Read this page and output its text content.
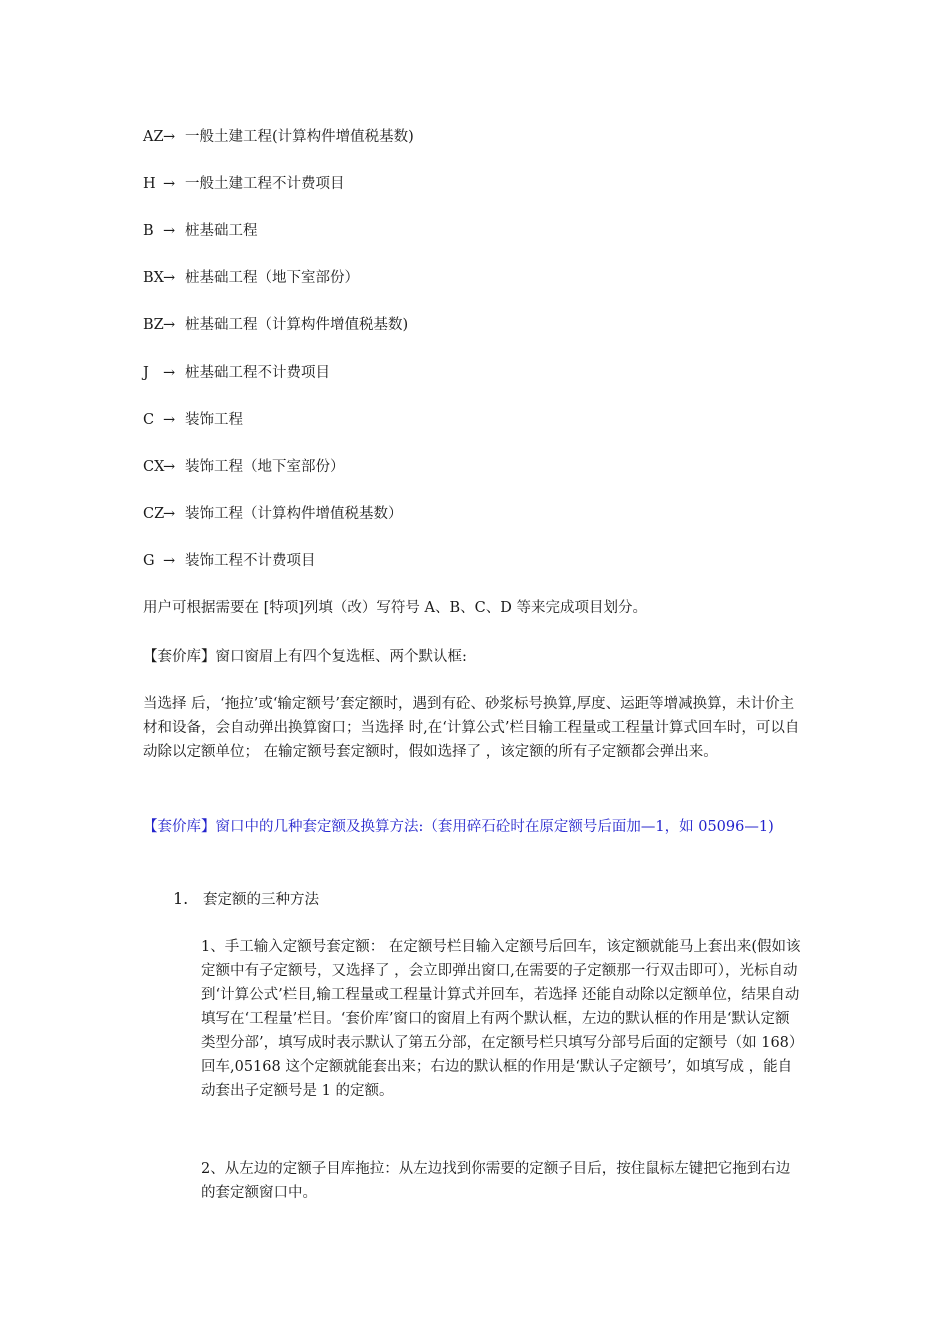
AZ→ 一般土建工程(计算构件增值税基数)
H → 一般土建工程不计费项目
B → 桩基础工程
BX→ 桩基础工程（地下室部份）
BZ→ 桩基础工程（计算构件增值税基数)
J → 桩基础工程不计费项目
C → 装饰工程
CX→ 装饰工程（地下室部份）
CZ→ 装饰工程（计算构件增值税基数）
G → 装饰工程不计费项目
用户可根据需要在 [特项]列填（改）写符号 A、B、C、D 等来完成项目划分。
【套价库】窗口窗眉上有四个复选框、两个默认框:
当选择 后，‘拖拉’或‘输定额号’套定额时，遇到有砼、砂浆标号换算,厚度、运距等增减换算，未计价主材和设备，会自动弹出换算窗口；当选择 时,在‘计算公式’栏目输工程量或工程量计算式回车时，可以自动除以定额单位； 在输定额号套定额时，假如选择了 ，该定额的所有子定额都会弹出来。
【套价库】窗口中的几种套定额及换算方法:（套用碎石砼时在原定额号后面加—1，如 05096—1)
1. 套定额的三种方法
1、手工输入定额号套定额： 在定额号栏目输入定额号后回车，该定额就能马上套出来(假如该定额中有子定额号，又选择了 ，会立即弹出窗口,在需要的子定额那一行双击即可），光标自动到‘计算公式’栏目,输工程量或工程量计算式并回车，若选择 还能自动除以定额单位，结果自动填写在‘工程量’栏目。‘套价库’窗口的窗眉上有两个默认框，左边的默认框的作用是‘默认定额类型分部’，填写成时表示默认了第五分部，在定额号栏只填写分部号后面的定额号（如 168）回车,05168 这个定额就能套出来；右边的默认框的作用是‘默认子定额号’，如填写成 ，能自动套出子定额号是 1 的定额。
2、从左边的定额子目库拖拉：从左边找到你需要的定额子目后，按住鼠标左键把它拖到右边的套定额窗口中。
